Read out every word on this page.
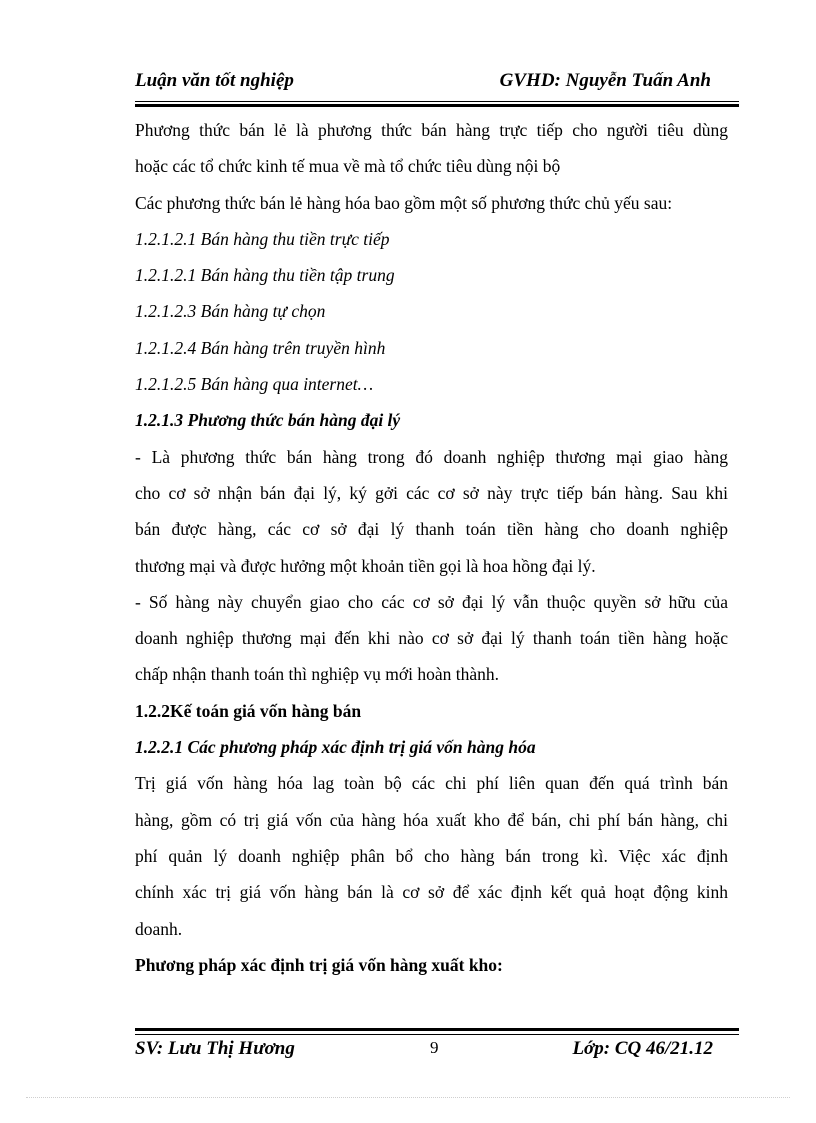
Luận văn tốt nghiệp	GVHD: Nguyễn Tuấn Anh
Phương thức bán lẻ là phương thức bán hàng trực tiếp cho người tiêu dùng
hoặc các tổ chức kinh tế mua về mà tổ chức tiêu dùng nội bộ
Các phương thức bán lẻ hàng hóa bao gồm một số phương thức chủ yếu sau:
1.2.1.2.1 Bán hàng thu tiền trực tiếp
1.2.1.2.1 Bán hàng thu tiền tập trung
1.2.1.2.3 Bán hàng tự chọn
1.2.1.2.4 Bán hàng trên truyền hình
1.2.1.2.5 Bán hàng qua internet…
1.2.1.3 Phương thức bán hàng đại lý
- Là phương thức bán hàng trong đó doanh nghiệp thương mại giao hàng
cho cơ sở nhận bán đại lý, ký gởi các cơ sở này trực tiếp bán hàng. Sau khi
bán được hàng, các cơ sở đại lý thanh toán tiền hàng cho doanh nghiệp
thương mại và được hưởng một khoản tiền gọi là hoa hồng đại lý.
- Số hàng này chuyển giao cho các cơ sở đại lý vẫn thuộc quyền sở hữu của
doanh nghiệp thương mại đến khi nào cơ sở đại lý thanh toán tiền hàng hoặc
chấp nhận thanh toán thì nghiệp vụ mới hoàn thành.
1.2.2Kế toán giá vốn hàng bán
1.2.2.1 Các phương pháp xác định trị giá vốn hàng hóa
Trị giá vốn hàng hóa lag toàn bộ các chi phí liên quan đến quá trình bán
hàng, gồm có trị giá vốn của hàng hóa xuất kho để bán, chi phí bán hàng, chi
phí quản lý doanh nghiệp phân bổ cho hàng bán trong kì. Việc xác định
chính xác trị giá vốn hàng bán là cơ sở để xác định kết quả hoạt động kinh
doanh.
Phương pháp xác định trị giá vốn hàng xuất kho:
SV: Lưu Thị Hương	9	Lớp: CQ 46/21.12
